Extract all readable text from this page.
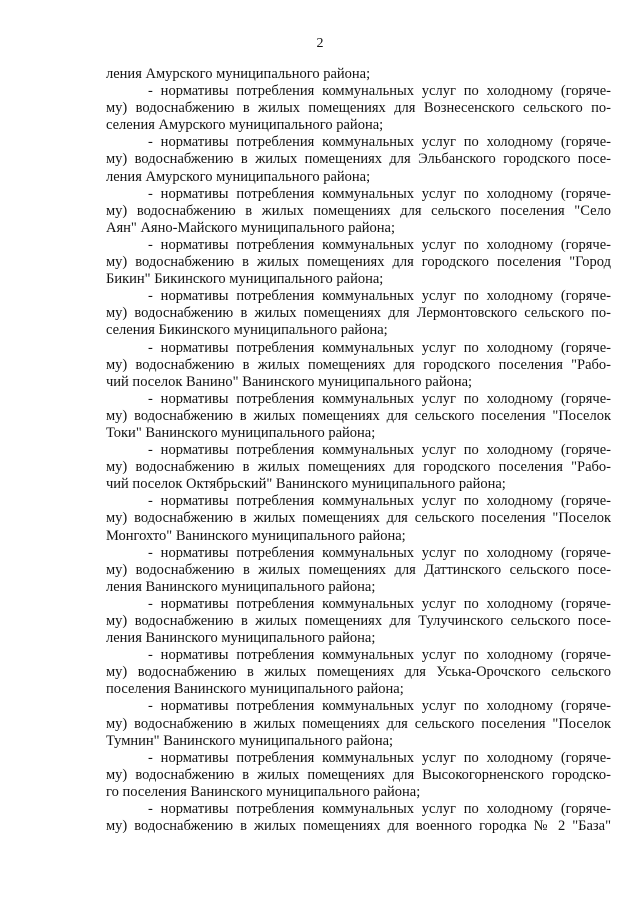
2
ления Амурского муниципального района;
- нормативы потребления коммунальных услуг по холодному (горяче-
му) водоснабжению в жилых помещениях для Вознесенского сельского по-
селения Амурского муниципального района;
- нормативы потребления коммунальных услуг по холодному (горяче-
му) водоснабжению в жилых помещениях для Эльбанского городского посе-
ления Амурского муниципального района;
- нормативы потребления коммунальных услуг по холодному (горяче-
му) водоснабжению в жилых помещениях для сельского поселения "Село
Аян" Аяно-Майского муниципального района;
- нормативы потребления коммунальных услуг по холодному (горяче-
му) водоснабжению в жилых помещениях для городского поселения "Город
Бикин" Бикинского муниципального района;
- нормативы потребления коммунальных услуг по холодному (горяче-
му) водоснабжению в жилых помещениях для Лермонтовского сельского по-
селения Бикинского муниципального района;
- нормативы потребления коммунальных услуг по холодному (горяче-
му) водоснабжению в жилых помещениях для городского поселения "Рабо-
чий поселок Ванино" Ванинского муниципального района;
- нормативы потребления коммунальных услуг по холодному (горяче-
му) водоснабжению в жилых помещениях для сельского поселения "Поселок
Токи" Ванинского муниципального района;
- нормативы потребления коммунальных услуг по холодному (горяче-
му) водоснабжению в жилых помещениях для городского поселения "Рабо-
чий поселок Октябрьский" Ванинского муниципального района;
- нормативы потребления коммунальных услуг по холодному (горяче-
му) водоснабжению в жилых помещениях для сельского поселения "Поселок
Монгохто" Ванинского муниципального района;
- нормативы потребления коммунальных услуг по холодному (горяче-
му) водоснабжению в жилых помещениях для Даттинского сельского посе-
ления Ванинского муниципального района;
- нормативы потребления коммунальных услуг по холодному (горяче-
му) водоснабжению в жилых помещениях для Тулучинского сельского посе-
ления Ванинского муниципального района;
- нормативы потребления коммунальных услуг по холодному (горяче-
му) водоснабжению в жилых помещениях для Уська-Орочского сельского
поселения Ванинского муниципального района;
- нормативы потребления коммунальных услуг по холодному (горяче-
му) водоснабжению в жилых помещениях для сельского поселения "Поселок
Тумнин" Ванинского муниципального района;
- нормативы потребления коммунальных услуг по холодному (горяче-
му) водоснабжению в жилых помещениях для Высокогорненского городско-
го поселения Ванинского муниципального района;
- нормативы потребления коммунальных услуг по холодному (горяче-
му) водоснабжению в жилых помещениях для военного городка № 2 "База"
